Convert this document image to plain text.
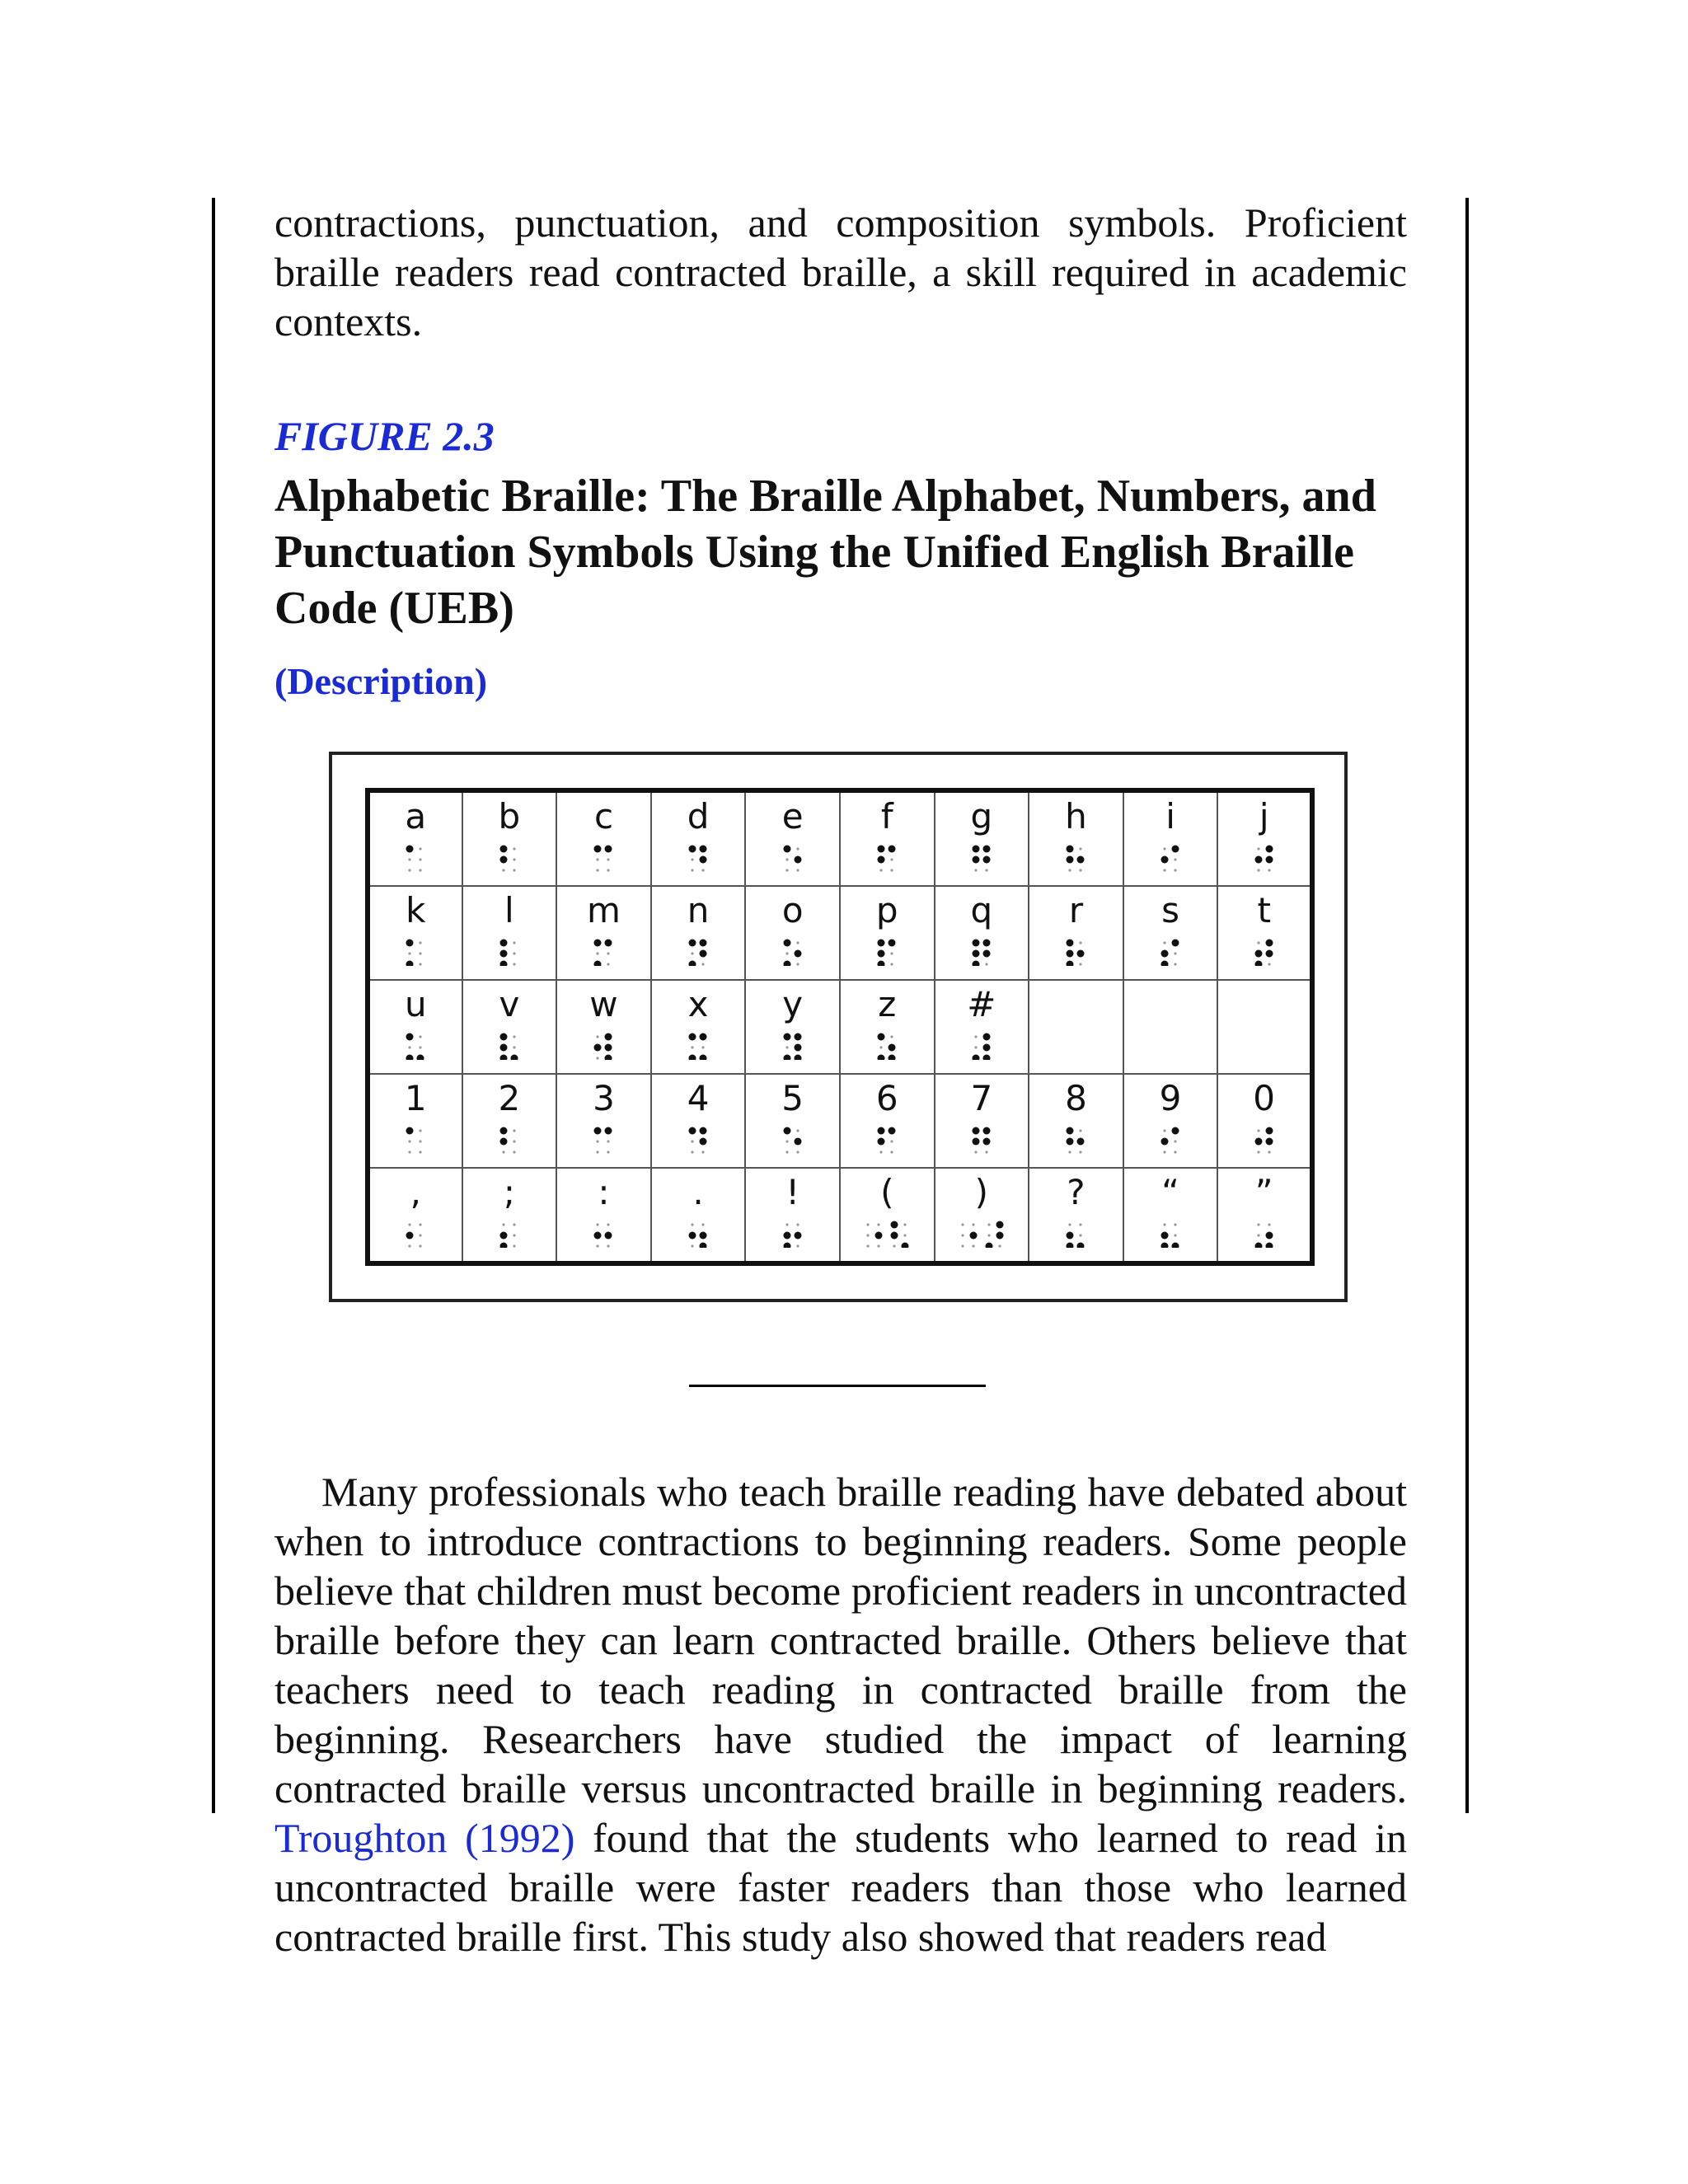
contractions, punctuation, and composition symbols. Proficient braille readers read contracted braille, a skill required in academic contexts.

FIGURE 2.3

Alphabetic Braille: The Braille Alphabet, Numbers, and Punctuation Symbols Using the Unified English Braille Code (UEB)
(Description)
a	b	c	d	e	f	g	h	i	j

k	l	m	n	o	p	q	r	s	t

u	v	w	x	y	z	#			

1	2	3	4	5	6	7	8	9	0

,	;	:	.	!	(	)	?	“	”

Many professionals who teach braille reading have debated about when to introduce contractions to beginning readers. Some people believe that children must become proficient readers in uncontracted braille before they can learn contracted braille. Others believe that teachers need to teach reading in contracted braille from the beginning. Researchers have studied the impact of learning contracted braille versus uncontracted braille in beginning readers. Troughton (1992) found that the students who learned to read in uncontracted braille were faster readers than those who learned contracted braille first. This study also showed that readers read
